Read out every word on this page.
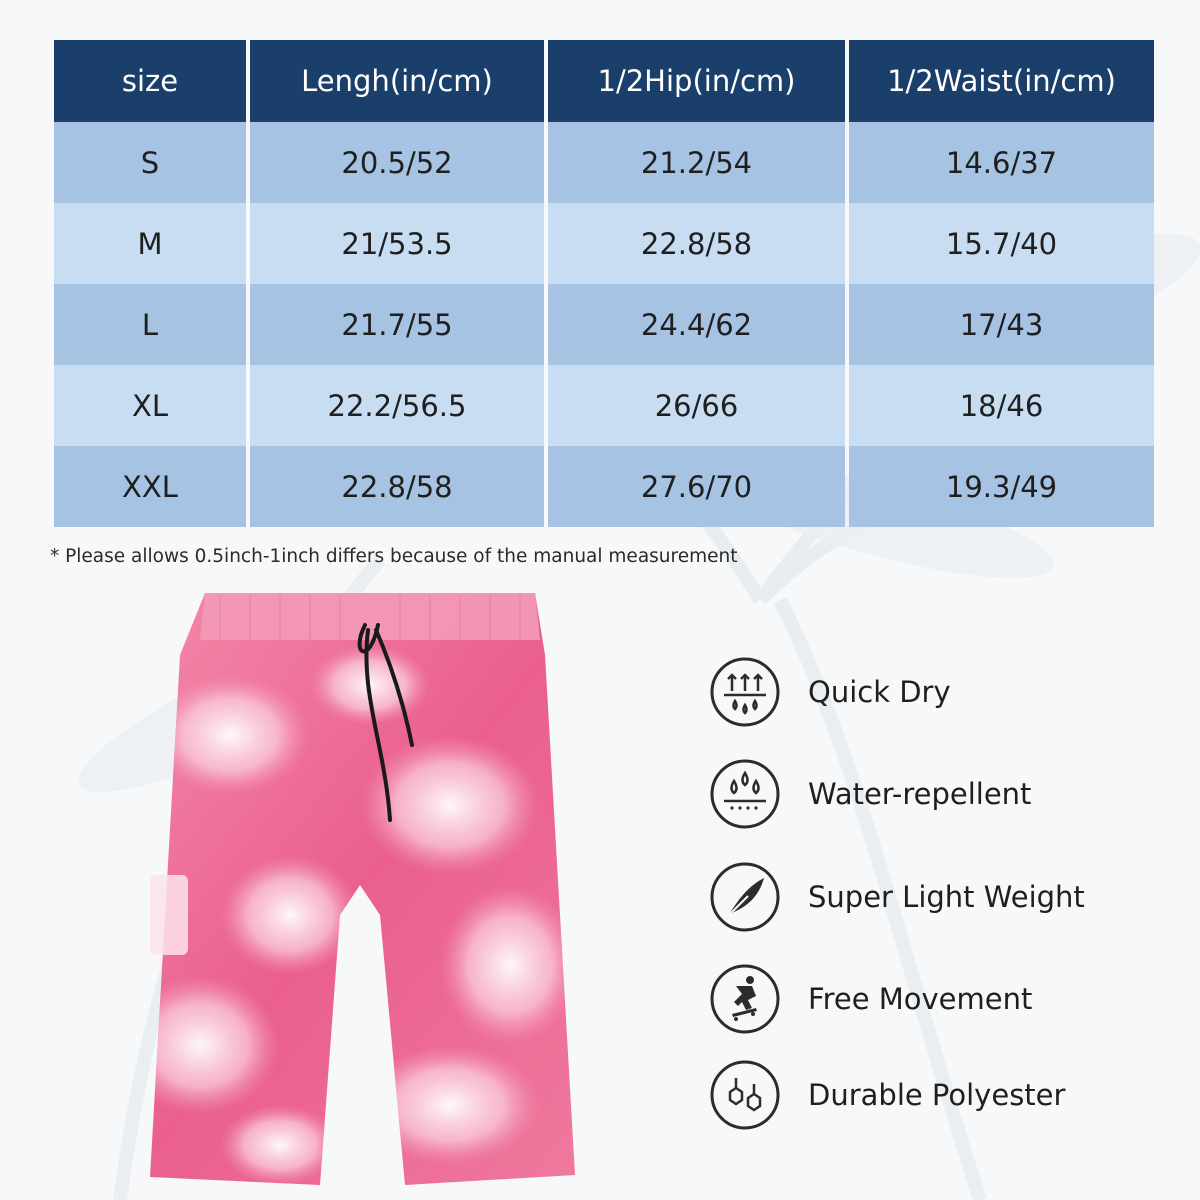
size	Lengh(in/cm)	1/2Hip(in/cm)	1/2Waist(in/cm)
S	20.5/52	21.2/54	14.6/37
M	21/53.5	22.8/58	15.7/40
L	21.7/55	24.4/62	17/43
XL	22.2/56.5	26/66	18/46
XXL	22.8/58	27.6/70	19.3/49
* Please allows 0.5inch-1inch differs because of the manual measurement
Quick Dry
Water-repellent
Super Light Weight
Free Movement
Durable Polyester
